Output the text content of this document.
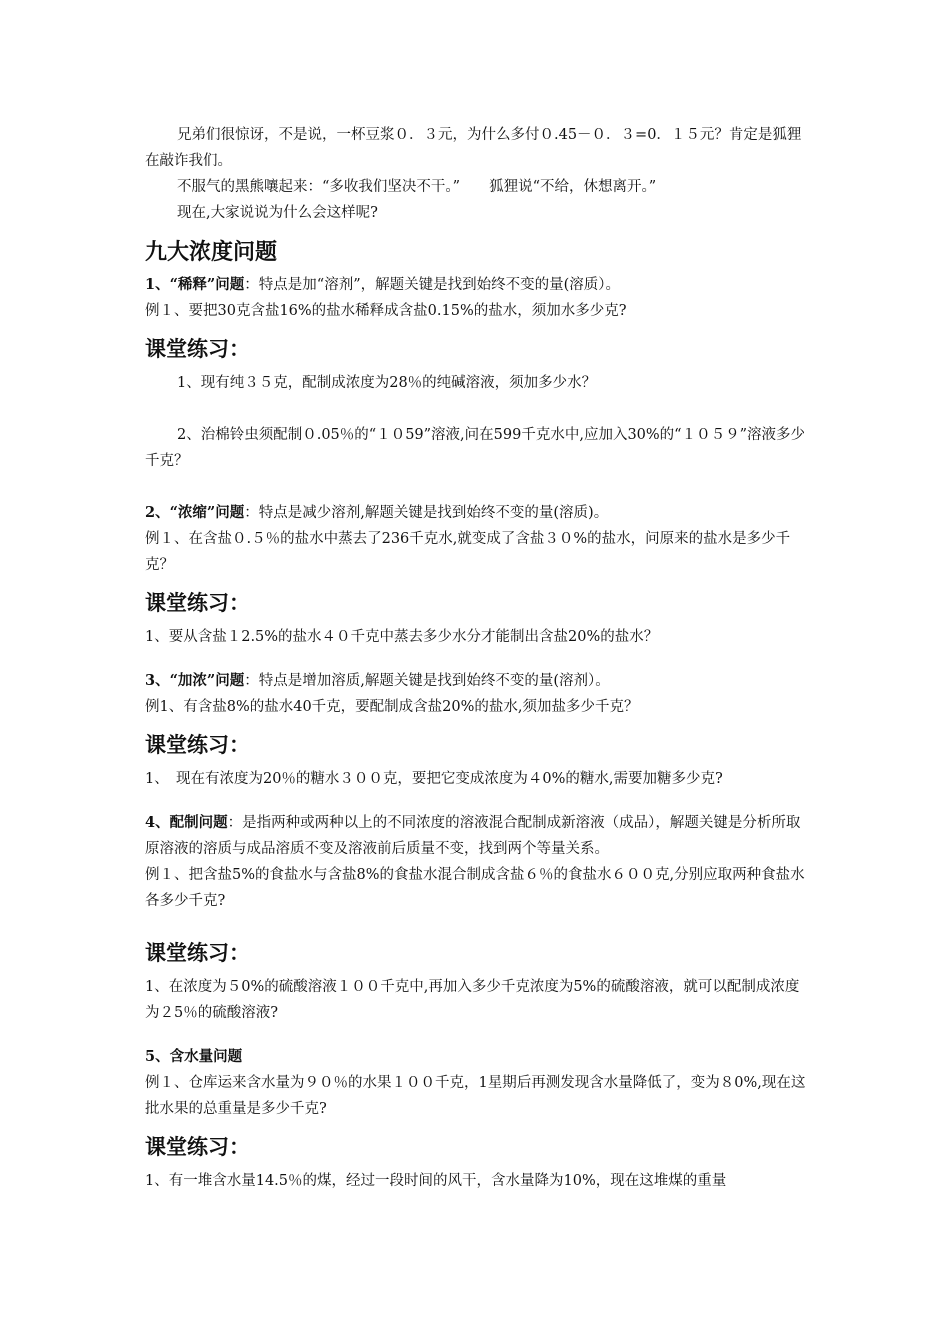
兄弟们很惊讶，不是说，一杯豆浆０．３元，为什么多付０.45－０．３=0．１５元？肯定是狐狸在敲诈我们。

不服气的黑熊嚷起来：“多收我们坚决不干。”　　狐狸说“不给，休想离开。”

现在,大家说说为什么会这样呢?

九大浓度问题

1、“稀释”问题：特点是加“溶剂”，解题关键是找到始终不变的量(溶质）。

例１、要把30克含盐16%的盐水稀释成含盐0.15%的盐水，须加水多少克?

课堂练习：

1、现有纯３５克，配制成浓度为28％的纯碱溶液，须加多少水？

2、治棉铃虫须配制０.05％的“１０59”溶液,问在599千克水中,应加入30%的“１０５９”溶液多少千克？

2、“浓缩”问题：特点是减少溶剂,解题关键是找到始终不变的量(溶质)。

例１、在含盐０.５％的盐水中蒸去了236千克水,就变成了含盐３０%的盐水，问原来的盐水是多少千克？

课堂练习：

1、要从含盐１2.5%的盐水４０千克中蒸去多少水分才能制出含盐20%的盐水？

3、“加浓”问题：特点是增加溶质,解题关键是找到始终不变的量(溶剂）。

例1、有含盐8%的盐水40千克，要配制成含盐20%的盐水,须加盐多少千克？

课堂练习：

1、　现在有浓度为20％的糖水３００克，要把它变成浓度为４0%的糖水,需要加糖多少克?

4、配制问题：是指两种或两种以上的不同浓度的溶液混合配制成新溶液（成品），解题关键是分析所取原溶液的溶质与成品溶质不变及溶液前后质量不变，找到两个等量关系。

例１、把含盐5%的食盐水与含盐8%的食盐水混合制成含盐６％的食盐水６００克,分别应取两种食盐水各多少千克?

课堂练习：

1、在浓度为５0%的硫酸溶液１００千克中,再加入多少千克浓度为5%的硫酸溶液，就可以配制成浓度为２5％的硫酸溶液?

5、含水量问题

例１、仓库运来含水量为９０％的水果１００千克，1星期后再测发现含水量降低了，变为８0%,现在这批水果的总重量是多少千克?

课堂练习：

1、有一堆含水量14.5％的煤，经过一段时间的风干，含水量降为10%，现在这堆煤的重量
